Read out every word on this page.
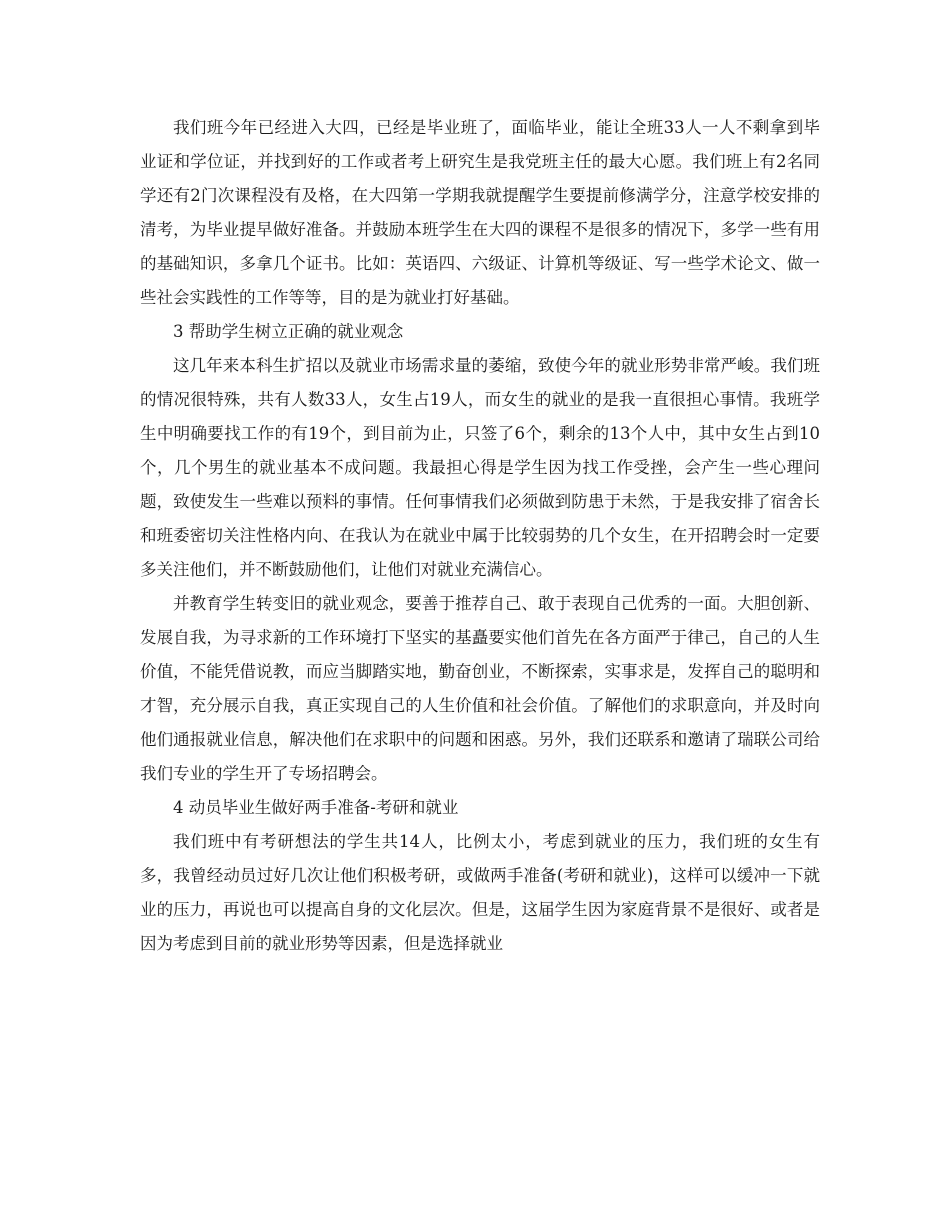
我们班今年已经进入大四，已经是毕业班了，面临毕业，能让全班33人一人不剩拿到毕业证和学位证，并找到好的工作或者考上研究生是我党班主任的最大心愿。我们班上有2名同学还有2门次课程没有及格，在大四第一学期我就提醒学生要提前修满学分，注意学校安排的清考，为毕业提早做好准备。并鼓励本班学生在大四的课程不是很多的情况下，多学一些有用的基础知识，多拿几个证书。比如：英语四、六级证、计算机等级证、写一些学术论文、做一些社会实践性的工作等等，目的是为就业打好基础。

3 帮助学生树立正确的就业观念

这几年来本科生扩招以及就业市场需求量的萎缩，致使今年的就业形势非常严峻。我们班的情况很特殊，共有人数33人，女生占19人，而女生的就业的是我一直很担心事情。我班学生中明确要找工作的有19个，到目前为止，只签了6个，剩余的13个人中，其中女生占到10个，几个男生的就业基本不成问题。我最担心得是学生因为找工作受挫，会产生一些心理问题，致使发生一些难以预料的事情。任何事情我们必须做到防患于未然，于是我安排了宿舍长和班委密切关注性格内向、在我认为在就业中属于比较弱势的几个女生，在开招聘会时一定要多关注他们，并不断鼓励他们，让他们对就业充满信心。

并教育学生转变旧的就业观念，要善于推荐自己、敢于表现自己优秀的一面。大胆创新、发展自我，为寻求新的工作环境打下坚实的基矗要实他们首先在各方面严于律己，自己的人生价值，不能凭借说教，而应当脚踏实地，勤奋创业，不断探索，实事求是，发挥自己的聪明和才智，充分展示自我，真正实现自己的人生价值和社会价值。了解他们的求职意向，并及时向他们通报就业信息，解决他们在求职中的问题和困惑。另外，我们还联系和邀请了瑞联公司给我们专业的学生开了专场招聘会。

4 动员毕业生做好两手准备-考研和就业

我们班中有考研想法的学生共14人，比例太小，考虑到就业的压力，我们班的女生有多，我曾经动员过好几次让他们积极考研，或做两手准备(考研和就业)，这样可以缓冲一下就业的压力，再说也可以提高自身的文化层次。但是，这届学生因为家庭背景不是很好、或者是因为考虑到目前的就业形势等因素，但是选择就业
